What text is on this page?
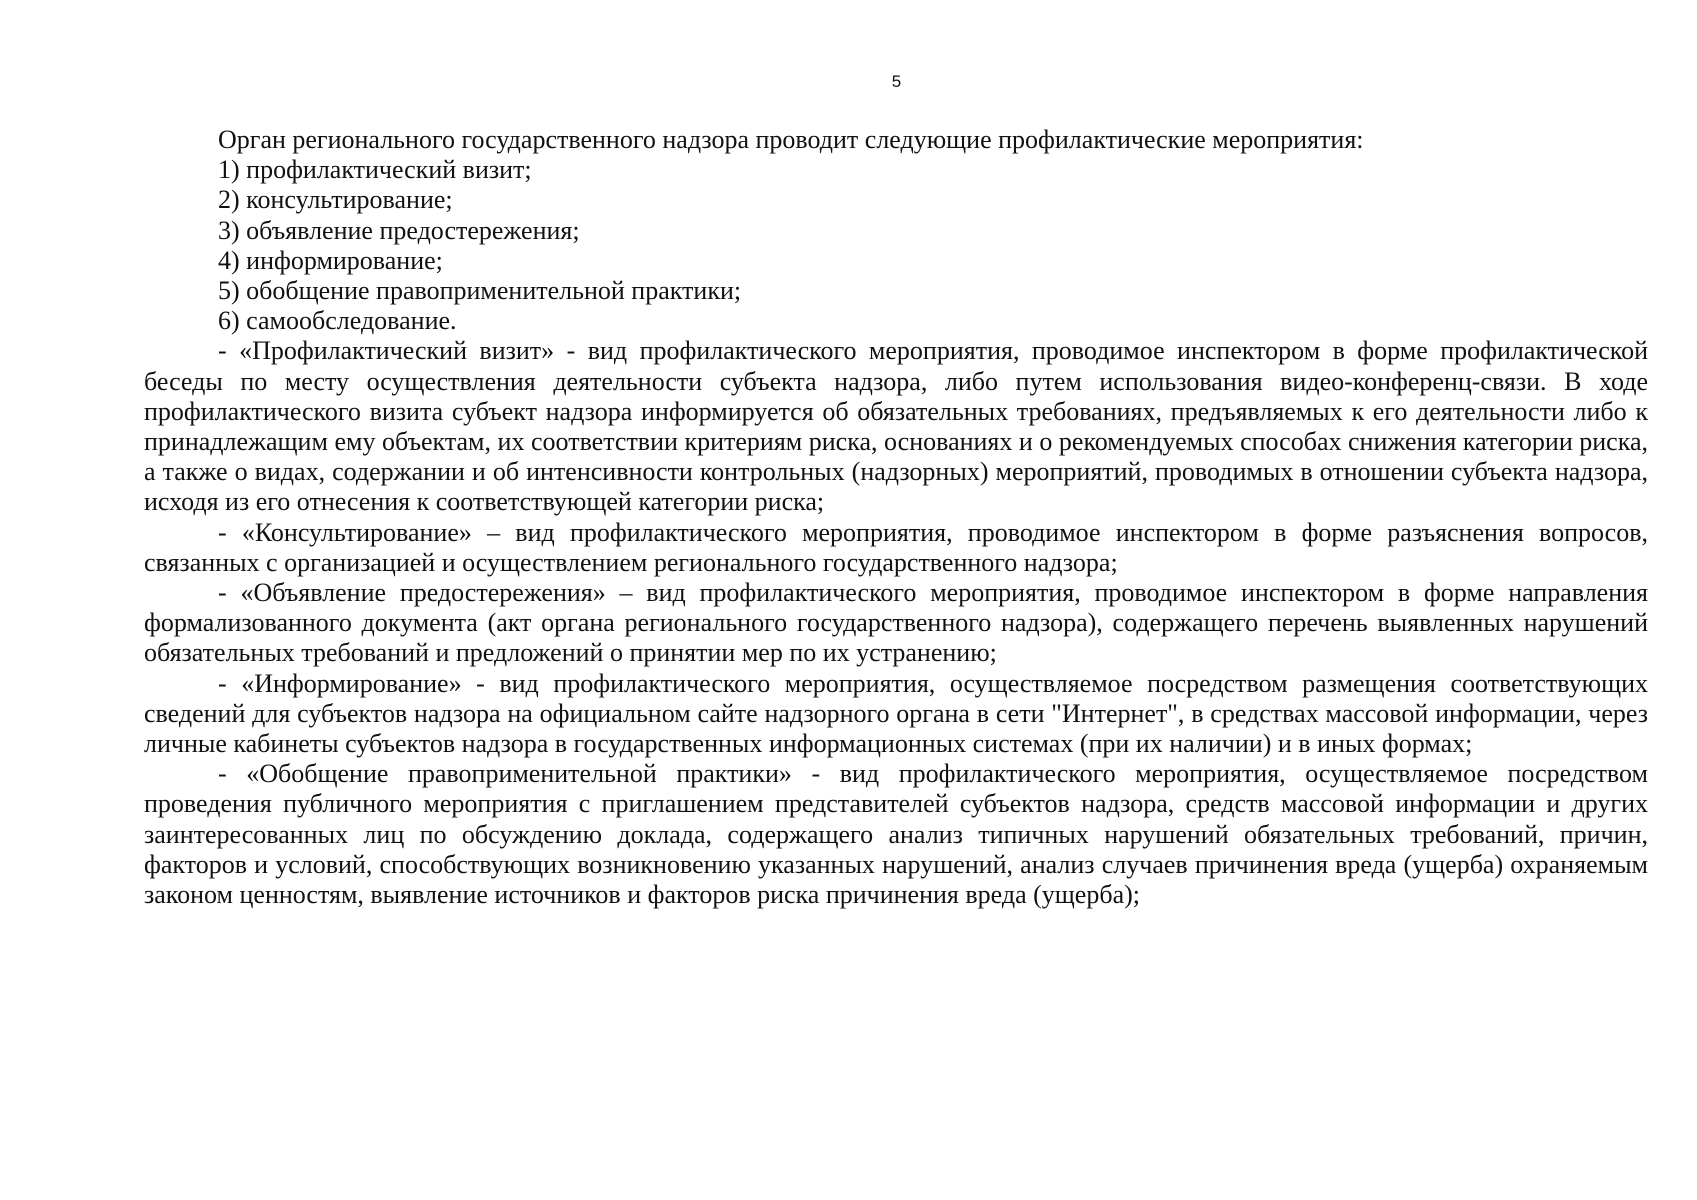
5

Орган регионального государственного надзора проводит следующие профилактические мероприятия:

1) профилактический визит;

2) консультирование;

3) объявление предостережения;

4) информирование;

5) обобщение правоприменительной практики;

6) самообследование.

- «Профилактический визит» - вид профилактического мероприятия, проводимое инспектором в форме профилактической беседы по месту осуществления деятельности субъекта надзора, либо путем использования видео-конференц-связи. В ходе профилактического визита субъект надзора информируется об обязательных требованиях, предъявляемых к его деятельности либо к принадлежащим ему объектам, их соответствии критериям риска, основаниях и о рекомендуемых способах снижения категории риска, а также о видах, содержании и об интенсивности контрольных (надзорных) мероприятий, проводимых в отношении субъекта надзора, исходя из его отнесения к соответствующей категории риска;

- «Консультирование» – вид профилактического мероприятия, проводимое инспектором в форме разъяснения вопросов, связанных с организацией и осуществлением регионального государственного надзора;

- «Объявление предостережения» – вид профилактического мероприятия, проводимое инспектором в форме направления формализованного документа (акт органа регионального государственного надзора), содержащего перечень выявленных нарушений обязательных требований и предложений о принятии мер по их устранению;

- «Информирование» - вид профилактического мероприятия, осуществляемое посредством размещения соответствующих сведений для субъектов надзора на официальном сайте надзорного органа в сети "Интернет", в средствах массовой информации, через личные кабинеты субъектов надзора в государственных информационных системах (при их наличии) и в иных формах;

- «Обобщение правоприменительной практики» - вид профилактического мероприятия, осуществляемое посредством проведения публичного мероприятия с приглашением представителей субъектов надзора, средств массовой информации и других заинтересованных лиц по обсуждению доклада, содержащего анализ типичных нарушений обязательных требований, причин, факторов и условий, способствующих возникновению указанных нарушений, анализ случаев причинения вреда (ущерба) охраняемым законом ценностям, выявление источников и факторов риска причинения вреда (ущерба);
